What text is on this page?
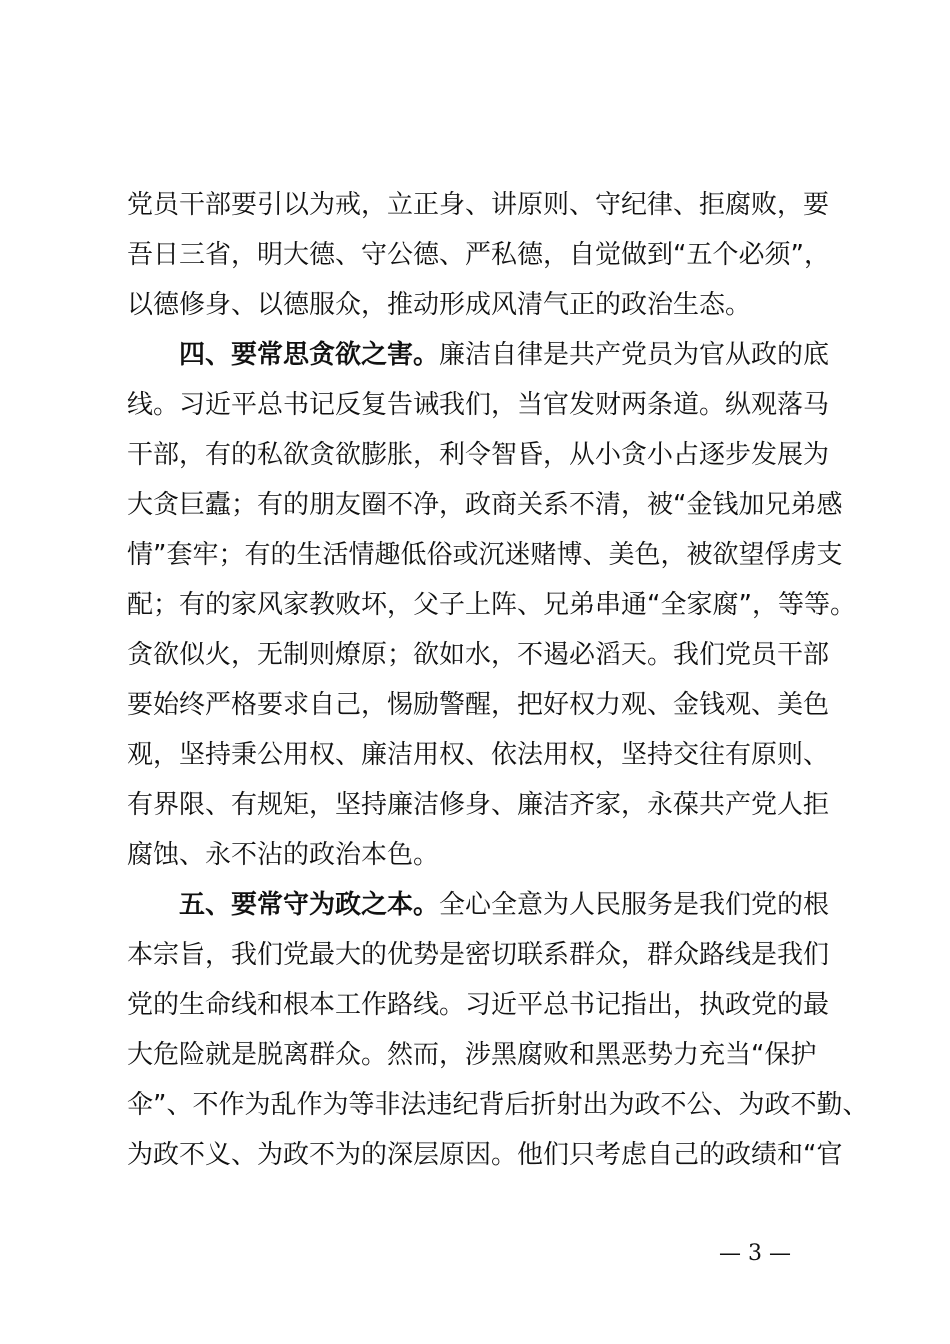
党员干部要引以为戒，立正身、讲原则、守纪律、拒腐败，要
吾日三省，明大德、守公德、严私德，自觉做到“五个必须”，
以德修身、以德服众，推动形成风清气正的政治生态。
四、要常思贪欲之害。廉洁自律是共产党员为官从政的底
线。习近平总书记反复告诫我们，当官发财两条道。纵观落马
干部，有的私欲贪欲膨胀，利令智昏，从小贪小占逐步发展为
大贪巨蠹；有的朋友圈不净，政商关系不清，被“金钱加兄弟感
情”套牢；有的生活情趣低俗或沉迷赌博、美色，被欲望俘虏支
配；有的家风家教败坏，父子上阵、兄弟串通“全家腐”，等等。
贪欲似火，无制则燎原；欲如水，不遏必滔天。我们党员干部
要始终严格要求自己，惕励警醒，把好权力观、金钱观、美色
观，坚持秉公用权、廉洁用权、依法用权，坚持交往有原则、
有界限、有规矩，坚持廉洁修身、廉洁齐家，永葆共产党人拒
腐蚀、永不沾的政治本色。
五、要常守为政之本。全心全意为人民服务是我们党的根
本宗旨，我们党最大的优势是密切联系群众，群众路线是我们
党的生命线和根本工作路线。习近平总书记指出，执政党的最
大危险就是脱离群众。然而，涉黑腐败和黑恶势力充当“保护
伞”、不作为乱作为等非法违纪背后折射出为政不公、为政不勤、
为政不义、为政不为的深层原因。他们只考虑自己的政绩和“官
— 3 —
